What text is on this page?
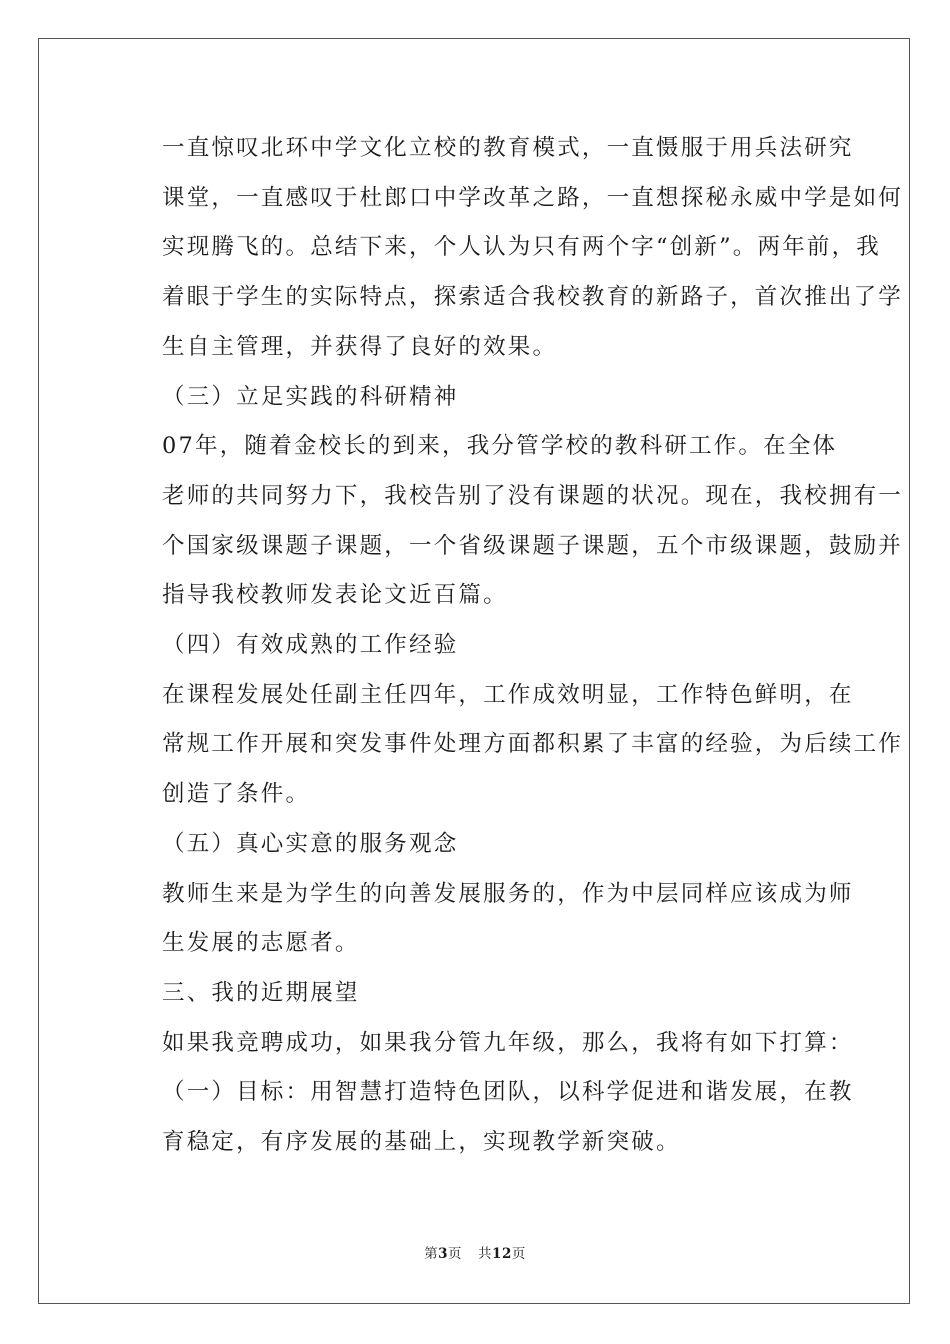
一直惊叹北环中学文化立校的教育模式，一直慑服于用兵法研究
课堂，一直感叹于杜郎口中学改革之路，一直想探秘永威中学是如何
实现腾飞的。总结下来，个人认为只有两个字“创新”。两年前，我
着眼于学生的实际特点，探索适合我校教育的新路子，首次推出了学
生自主管理，并获得了良好的效果。

（三）立足实践的科研精神

07年，随着金校长的到来，我分管学校的教科研工作。在全体
老师的共同努力下，我校告别了没有课题的状况。现在，我校拥有一
个国家级课题子课题，一个省级课题子课题，五个市级课题，鼓励并
指导我校教师发表论文近百篇。

（四）有效成熟的工作经验

在课程发展处任副主任四年，工作成效明显，工作特色鲜明，在
常规工作开展和突发事件处理方面都积累了丰富的经验，为后续工作
创造了条件。

（五）真心实意的服务观念

教师生来是为学生的向善发展服务的，作为中层同样应该成为师
生发展的志愿者。

三、我的近期展望

如果我竞聘成功，如果我分管九年级，那么，我将有如下打算：

（一）目标：用智慧打造特色团队，以科学促进和谐发展，在教
育稳定，有序发展的基础上，实现教学新突破。

第3页 共12页
